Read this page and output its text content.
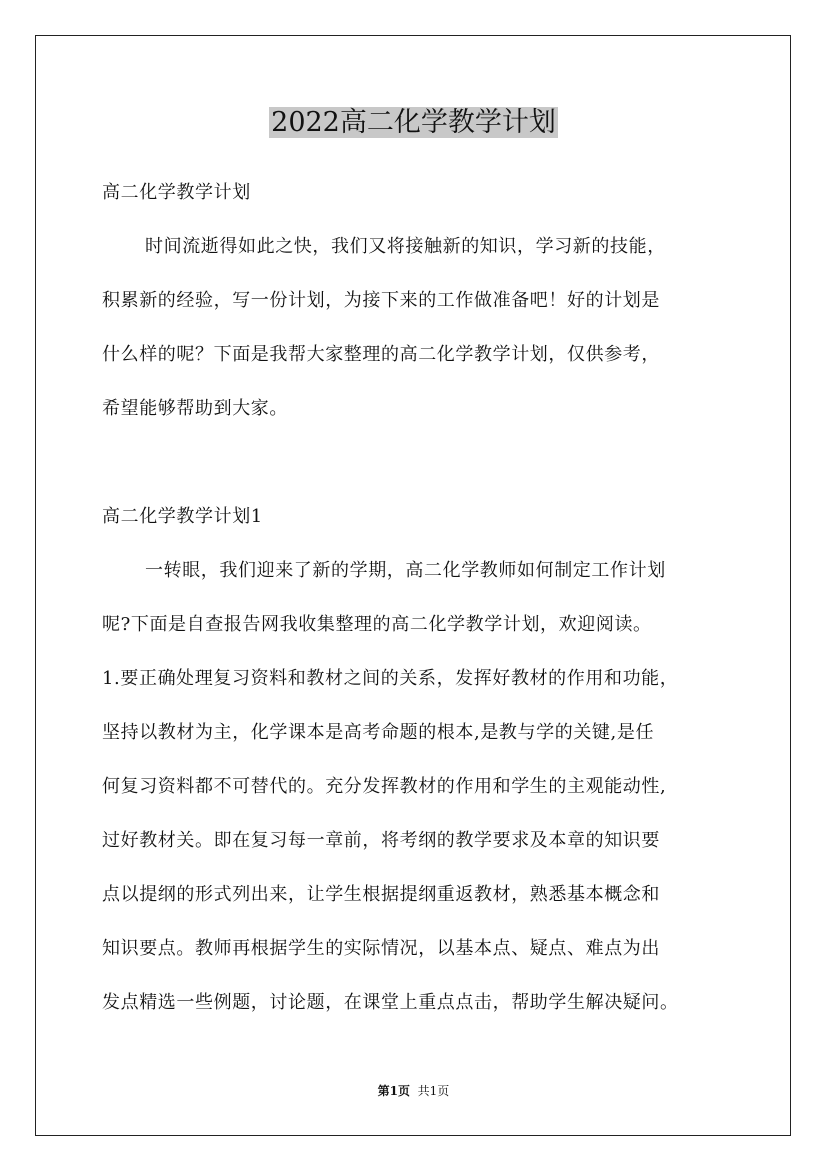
2022高二化学教学计划
高二化学教学计划
时间流逝得如此之快，我们又将接触新的知识，学习新的技能，
积累新的经验，写一份计划，为接下来的工作做准备吧！好的计划是
什么样的呢？下面是我帮大家整理的高二化学教学计划，仅供参考，
希望能够帮助到大家。
高二化学教学计划1
一转眼，我们迎来了新的学期，高二化学教师如何制定工作计划
呢?下面是自查报告网我收集整理的高二化学教学计划，欢迎阅读。
1.要正确处理复习资料和教材之间的关系，发挥好教材的作用和功能，
坚持以教材为主，化学课本是高考命题的根本,是教与学的关键,是任
何复习资料都不可替代的。充分发挥教材的作用和学生的主观能动性,
过好教材关。即在复习每一章前，将考纲的教学要求及本章的知识要
点以提纲的形式列出来，让学生根据提纲重返教材，熟悉基本概念和
知识要点。教师再根据学生的实际情况，以基本点、疑点、难点为出
发点精选一些例题，讨论题，在课堂上重点点击，帮助学生解决疑问。
第1页 共1页
